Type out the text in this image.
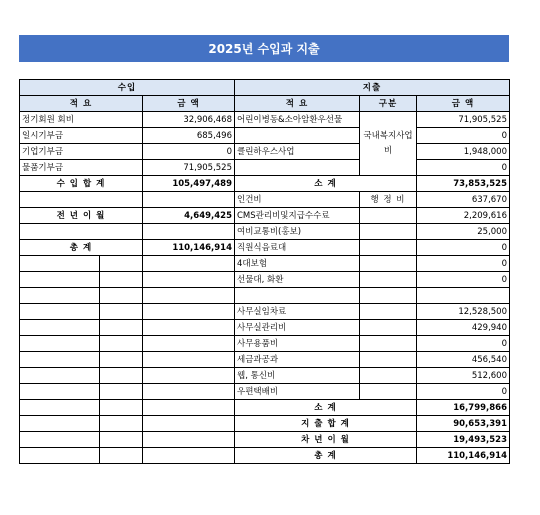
2025년 수입과 지출
수입			지출		
적 요		금 액	적 요	구분	금 액
정기회원 회비		32,906,468	어린이병동&소아암환우선물	국내복지사업비	71,905,525
일시기부금		685,496			0
기업기부금		0	클린하우스사업		1,948,000
물품기부금		71,905,525			0
수 입 합 계		105,497,489	소 계		73,853,525
			인건비	행 정 비	637,670
전 년 이 월		4,649,425	CMS관리비및지급수수료		2,209,616
			여비교통비(홍보)		25,000
총 계		110,146,914	직원식음료대		0
			4대보험		0
			선물대, 화환		0

			사무실임차료		12,528,500
			사무실관리비		429,940
			사무용품비		0
			세금과공과		456,540
			웹, 통신비		512,600
			우편택배비		0
			소 계		16,799,866
			지 출 합 계		90,653,391
			차 년 이 월		19,493,523
			총 계		110,146,914
